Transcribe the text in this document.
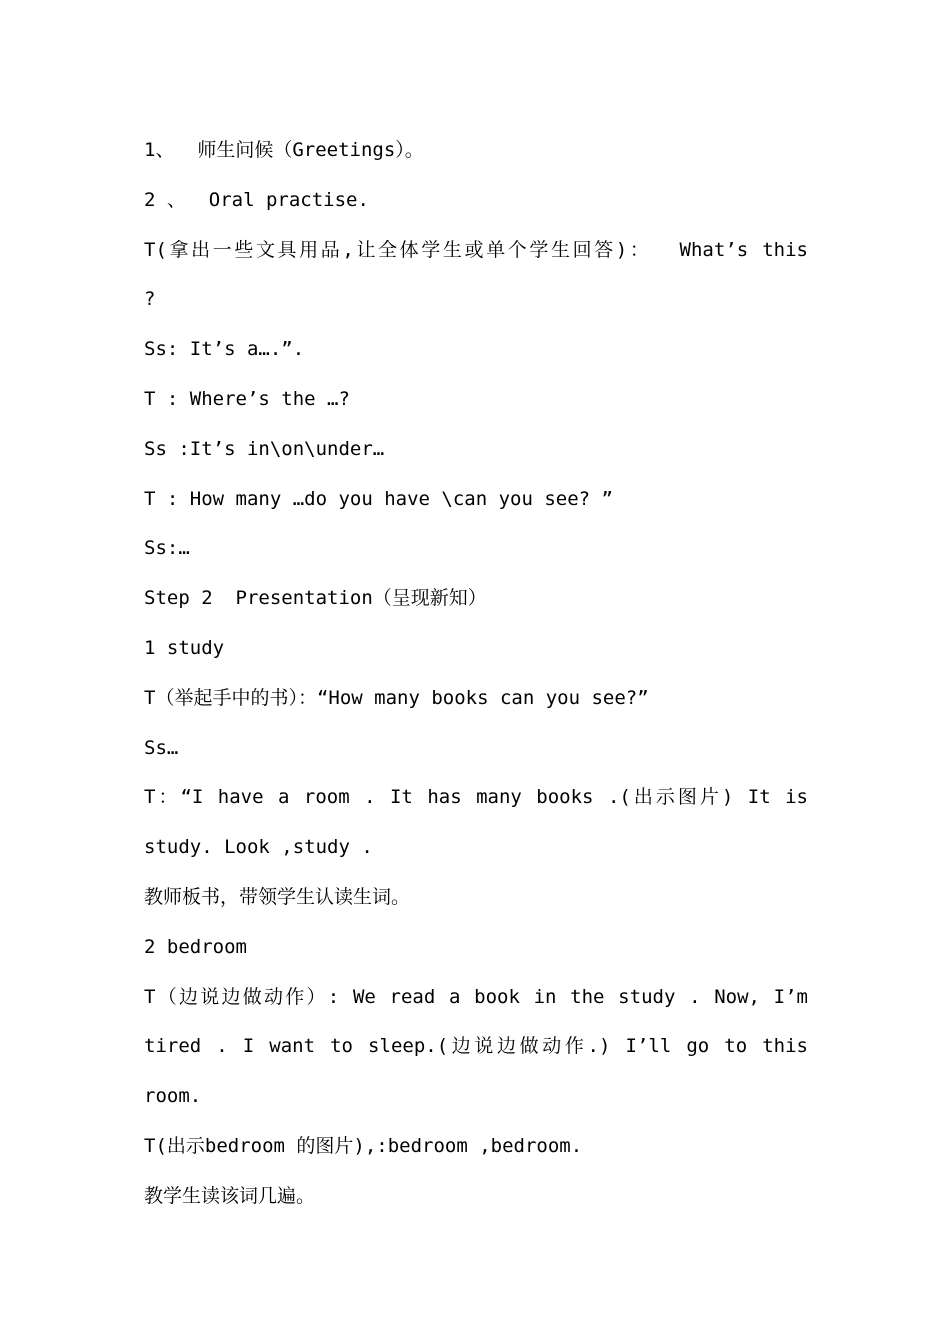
1、  师生问候（Greetings）。
2 、  Oral practise.
T(拿出一些文具用品,让全体学生或单个学生回答)：  What’s this
?
Ss: It’s a….”.
T : Where’s the …?
Ss :It’s in\on\under…
T : How many …do you have \can you see? ”
Ss:…
Step 2  Presentation（呈现新知）
1 study
T（举起手中的书）：“How many books can you see?”
Ss…
T：“I have a room . It has many books .(出示图片) It is
study. Look ,study .
教师板书，带领学生认读生词。
2 bedroom
T（边说边做动作）: We read a book in the study . Now, I’m
tired . I want to sleep.(边说边做动作.) I’ll go to this
room.
T(出示bedroom 的图片),:bedroom ,bedroom.
教学生读该词几遍。
